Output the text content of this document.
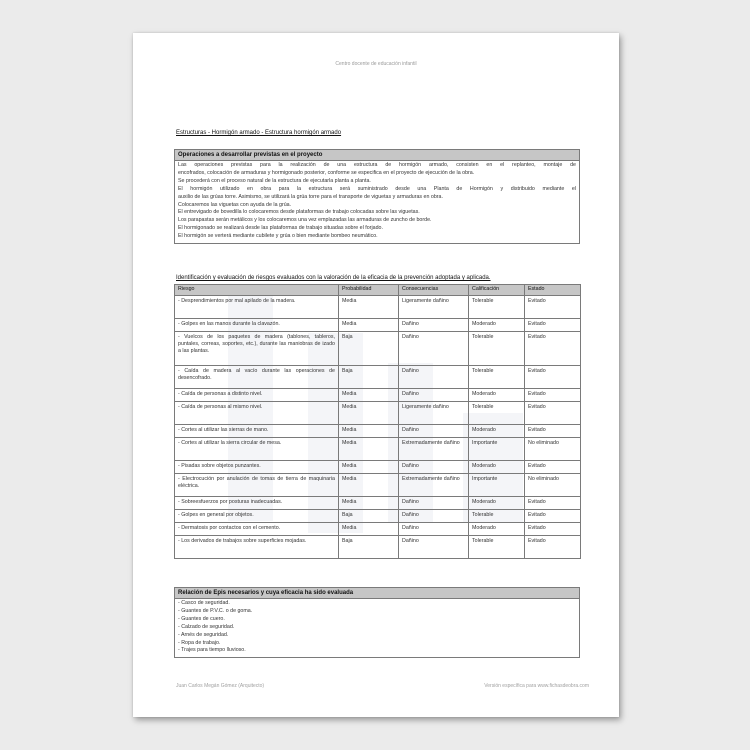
Centro docente de educación infantil
Estructuras - Hormigón armado - Estructura hormigón armado
Operaciones a desarrollar previstas en el proyecto
Las operaciones previstas para la realización de una estructura de hormigón armado, consisten en el replanteo, montaje de
encofrados, colocación de armaduras y hormigonado posterior, conforme se especifica en el proyecto de ejecución de la obra.
Se procederá con el proceso natural de la estructura de ejecutarla planta a planta.
El hormigón utilizado en obra para la estructura será suministrado desde una Planta de Hormigón y distribuido mediante el
auxilio de las grúas torre. Asimismo, se utilizará la grúa torre para el transporte de viguetas y armaduras en obra.
Colocaremos las viguetas con ayuda de la grúa.
El entrevigado de bovedilla lo colocaremos desde plataformas de trabajo colocadas sobre las viguetas.
Los parapastas serán metálicos y los colocaremos una vez emplazadas las armaduras de zuncho de borde.
El hormigonado se realizará desde las plataformas de trabajo situadas sobre el forjado.
El hormigón se verterá mediante cubilete y grúa o bien mediante bombeo neumático.
Identificación y evaluación de riesgos evaluados con la valoración de la eficacia de la prevención adoptada y aplicada.
Riesgo	Probabilidad	Consecuencias	Calificación	Estado
- Desprendimientos por mal apilado de la madera.	Media	Ligeramente dañino	Tolerable	Evitado
- Golpes en las manos durante la clavazón.	Media	Dañino	Moderado	Evitado
- Vuelcos de los paquetes de madera (tablones, tableros, puntales, correas, soportes, etc.), durante las maniobras de izado a las plantas.	Baja	Dañino	Tolerable	Evitado
- Caída de madera al vacío durante las operaciones de desencofrado.	Baja	Dañino	Tolerable	Evitado
- Caída de personas a distinto nivel.	Media	Dañino	Moderado	Evitado
- Caída de personas al mismo nivel.	Media	Ligeramente dañino	Tolerable	Evitado
- Cortes al utilizar las sierras de mano.	Media	Dañino	Moderado	Evitado
- Cortes al utilizar la sierra circular de mesa.	Media	Extremadamente dañino	Importante	No eliminado
- Pisadas sobre objetos punzantes.	Media	Dañino	Moderado	Evitado
- Electrocución por anulación de tomas de tierra de maquinaria eléctrica.	Media	Extremadamente dañino	Importante	No eliminado
- Sobreesfuerzos por posturas inadecuadas.	Media	Dañino	Moderado	Evitado
- Golpes en general por objetos.	Baja	Dañino	Tolerable	Evitado
- Dermatosis por contactos con el cemento.	Media	Dañino	Moderado	Evitado
- Los derivados de trabajos sobre superficies mojadas.	Baja	Dañino	Tolerable	Evitado
Relación de Epis necesarios y cuya eficacia ha sido evaluada
- Casco de seguridad.
- Guantes de P.V.C. o de goma.
- Guantes de cuero.
- Calzado de seguridad.
- Arnés de seguridad.
- Ropa de trabajo.
- Trajes para tiempo lluvioso.
Juan Carlos Megán Gómez (Arquitecto)	Versión específica para www.fichasdeobra.com
